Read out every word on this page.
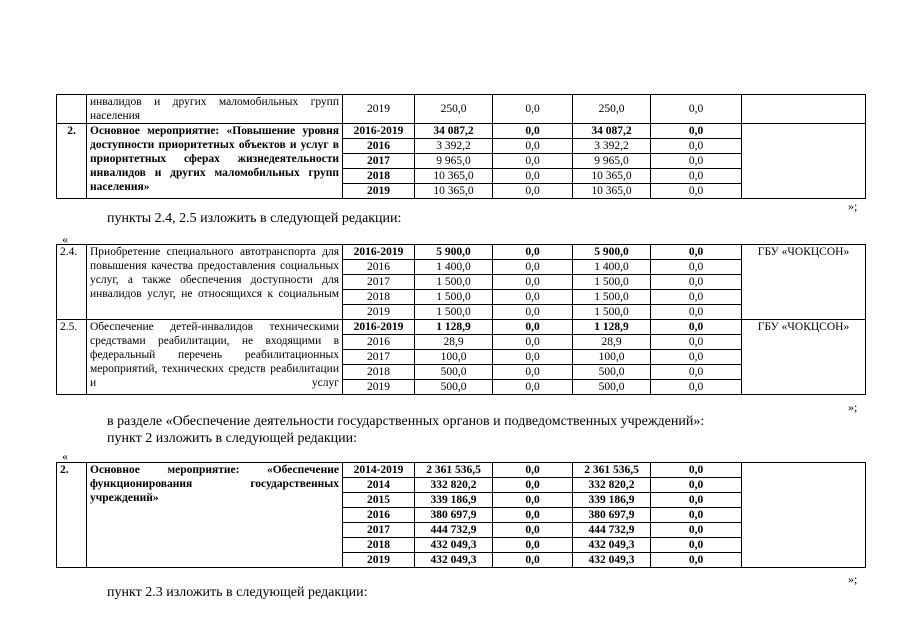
	инвалидов и других маломобильных групп населения	2019	250,0	0,0	250,0	0,0	
2.	Основное мероприятие: «Повышение уровня доступности приоритетных объектов и услуг в приоритетных сферах жизнедеятельности инвалидов и других маломобильных групп населения»	2016-2019	34 087,2	0,0	34 087,2	0,0	
		2016	3 392,2	0,0	3 392,2	0,0	
		2017	9 965,0	0,0	9 965,0	0,0	
		2018	10 365,0	0,0	10 365,0	0,0	
		2019	10 365,0	0,0	10 365,0	0,0	
»;
пункты 2.4, 2.5 изложить в следующей редакции:
«
2.4.	Приобретение специального автотранспорта для повышения качества предоставления социальных услуг, а также обеспечения доступности для инвалидов услуг, не относящихся к социальным	2016-2019	5 900,0	0,0	5 900,0	0,0	ГБУ «ЧОКЦСОН»
		2016	1 400,0	0,0	1 400,0	0,0	
		2017	1 500,0	0,0	1 500,0	0,0	
		2018	1 500,0	0,0	1 500,0	0,0	
		2019	1 500,0	0,0	1 500,0	0,0	
2.5.	Обеспечение детей-инвалидов техническими средствами реабилитации, не входящими в федеральный перечень реабилитационных мероприятий, технических средств реабилитации и услуг	2016-2019	1 128,9	0,0	1 128,9	0,0	ГБУ «ЧОКЦСОН»
		2016	28,9	0,0	28,9	0,0	
		2017	100,0	0,0	100,0	0,0	
		2018	500,0	0,0	500,0	0,0	
		2019	500,0	0,0	500,0	0,0	
»;
в разделе «Обеспечение деятельности государственных органов и подведомственных учреждений»:
пункт 2 изложить в следующей редакции:
«
2.	Основное мероприятие: «Обеспечение функционирования государственных учреждений»	2014-2019	2 361 536,5	0,0	2 361 536,5	0,0	
		2014	332 820,2	0,0	332 820,2	0,0	
		2015	339 186,9	0,0	339 186,9	0,0	
		2016	380 697,9	0,0	380 697,9	0,0	
		2017	444 732,9	0,0	444 732,9	0,0	
		2018	432 049,3	0,0	432 049,3	0,0	
		2019	432 049,3	0,0	432 049,3	0,0	
»;
пункт 2.3 изложить в следующей редакции:
